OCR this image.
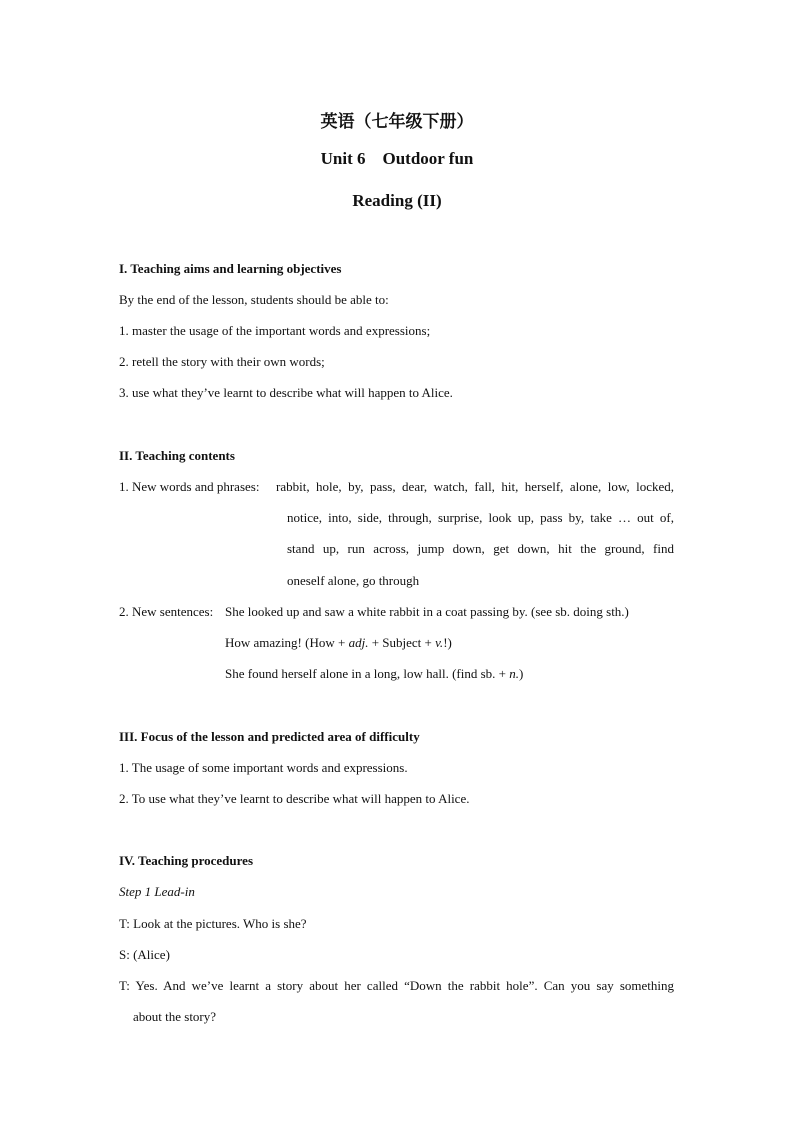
英语（七年级下册）
Unit 6    Outdoor fun
Reading (II)
I. Teaching aims and learning objectives
By the end of the lesson, students should be able to:
1. master the usage of the important words and expressions;
2. retell the story with their own words;
3. use what they’ve learnt to describe what will happen to Alice.
II. Teaching contents
1. New words and phrases: rabbit, hole, by, pass, dear, watch, fall, hit, herself, alone, low, locked,
notice, into, side, through, surprise, look up, pass by, take … out of,
stand up, run across, jump down, get down, hit the ground, find
oneself alone, go through
2. New sentences: She looked up and saw a white rabbit in a coat passing by. (see sb. doing sth.)
How amazing! (How + adj. + Subject + v.!)
She found herself alone in a long, low hall. (find sb. + n.)
III. Focus of the lesson and predicted area of difficulty
1. The usage of some important words and expressions.
2. To use what they’ve learnt to describe what will happen to Alice.
IV. Teaching procedures
Step 1 Lead-in
T: Look at the pictures. Who is she?
S: (Alice)
T: Yes. And we’ve learnt a story about her called “Down the rabbit hole”. Can you say something
about the story?
